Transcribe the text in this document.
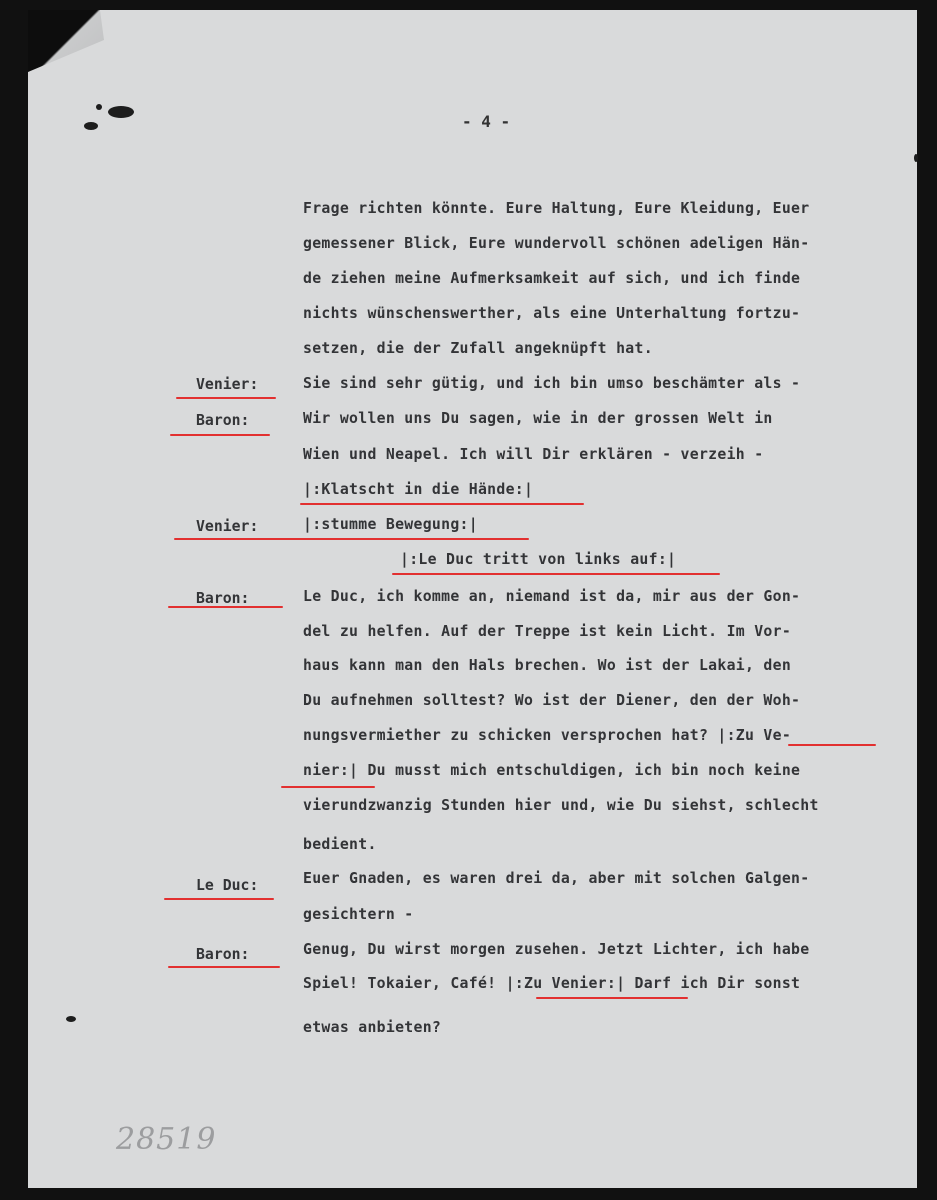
- 4 -
Frage richten könnte. Eure Haltung, Eure Kleidung, Euer
gemessener Blick, Eure wundervoll schönen adeligen Hän-
de ziehen meine Aufmerksamkeit auf sich, und ich finde
nichts wünschenswerther, als eine Unterhaltung fortzu-
setzen, die der Zufall angeknüpft hat.
Sie sind sehr gütig, und ich bin umso beschämter als -
Wir wollen uns Du sagen, wie in der grossen Welt in
Wien und Neapel. Ich will Dir erklären - verzeih -
|:Klatscht in die Hände:|
|:stumme Bewegung:|
|:Le Duc tritt von links auf:|
Le Duc, ich komme an, niemand ist da, mir aus der Gon-
del zu helfen. Auf der Treppe ist kein Licht. Im Vor-
haus kann man den Hals brechen. Wo ist der Lakai, den
Du aufnehmen solltest? Wo ist der Diener, den der Woh-
nungsvermiether zu schicken versprochen hat? |:Zu Ve-
nier:| Du musst mich entschuldigen, ich bin noch keine
vierundzwanzig Stunden hier und, wie Du siehst, schlecht
bedient.
Euer Gnaden, es waren drei da, aber mit solchen Galgen-
gesichtern -
Genug, Du wirst morgen zusehen. Jetzt Lichter, ich habe
Spiel! Tokaier, Café! |:Zu Venier:| Darf ich Dir sonst
etwas anbieten?
Venier:
Baron:
Venier:
Baron:
Le Duc:
Baron:
28519
